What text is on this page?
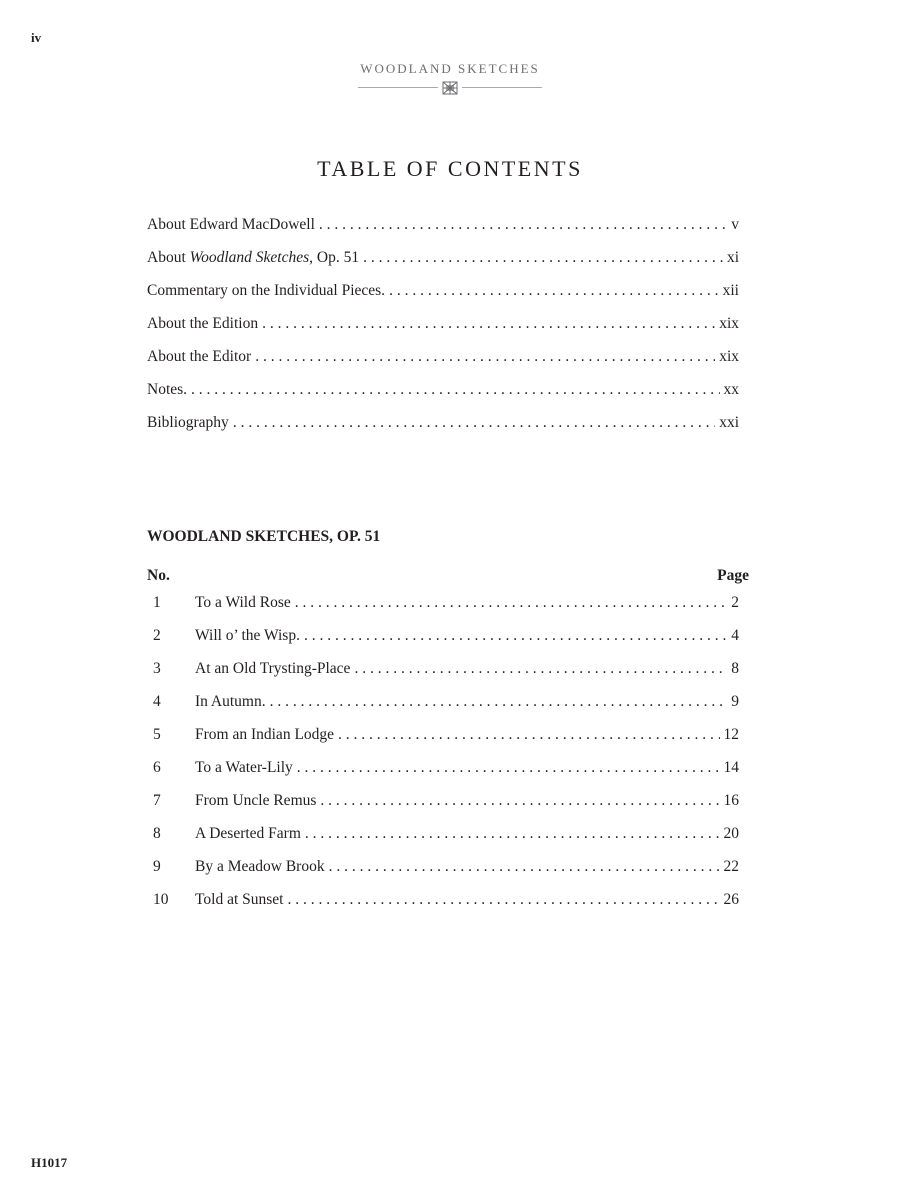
iv
WOODLAND SKETCHES
TABLE OF CONTENTS
About Edward MacDowell . . .	v
About Woodland Sketches, Op. 51 . . .	xi
Commentary on the Individual Pieces. . . .	xii
About the Edition . . .	xix
About the Editor . . .	xix
Notes. . . .	xx
Bibliography . . .	xxi
WOODLAND SKETCHES, OP. 51
No.	Page
1	To a Wild Rose . . .	2
2	Will o’ the Wisp. . . .	4
3	At an Old Trysting-Place . . .	8
4	In Autumn. . . .	9
5	From an Indian Lodge . . .	12
6	To a Water-Lily . . .	14
7	From Uncle Remus . . .	16
8	A Deserted Farm . . .	20
9	By a Meadow Brook . . .	22
10	Told at Sunset . . .	26
H1017
